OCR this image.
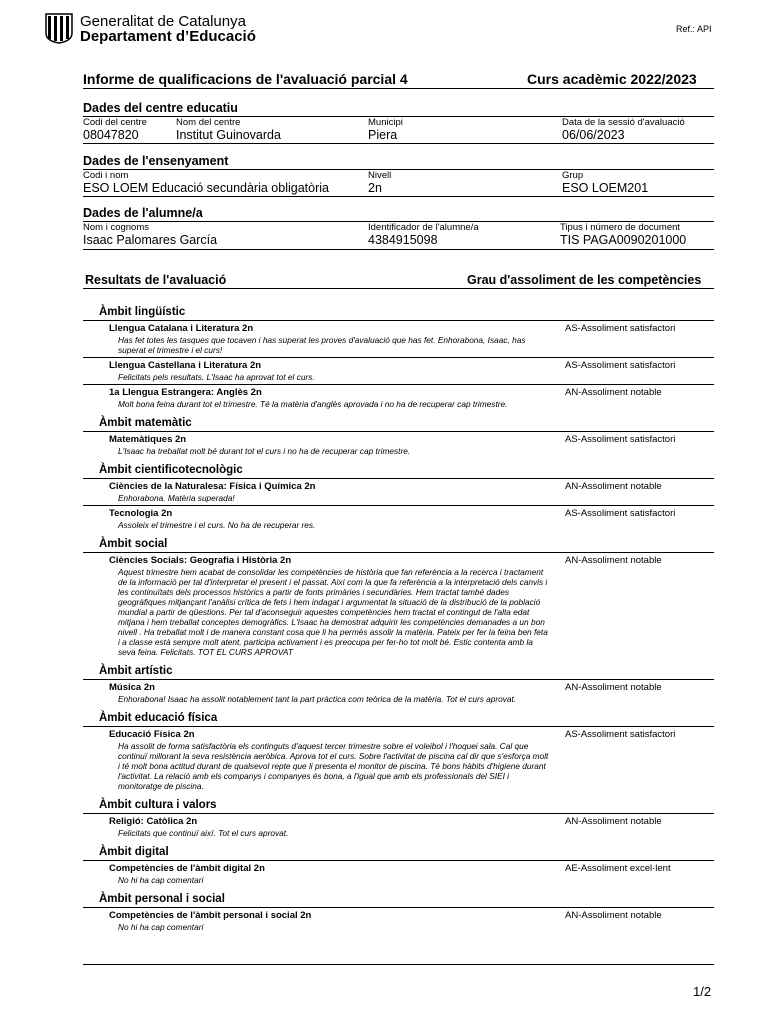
Generalitat de Catalunya
Departament d’Educació	Ref.: API
Informe de qualificacions de l'avaluació parcial 4	Curs acadèmic 2022/2023
Dades del centre educatiu
Codi del centre	Nom del centre	Municipi	Data de la sessió d'avaluació
08047820	Institut Guinovarda	Piera	06/06/2023
Dades de l'ensenyament
Codi i nom	Nivell	Grup
ESO LOEM Educació secundària obligatòria	2n	ESO LOEM201
Dades de l'alumne/a
Nom i cognoms	Identificador de l'alumne/a	Tipus i número de document
Isaac Palomares García	4384915098	TIS PAGA0090201000
Resultats de l'avaluació	Grau d'assoliment de les competències
Àmbit lingüístic
Llengua Catalana i Literatura 2n
Has fet totes les tasques que tocaven i has superat les proves d'avaluació que has fet. Enhorabona, Isaac, has superat el trimestre i el curs!
AS-Assoliment satisfactori
Llengua Castellana i Literatura 2n
Felicitats pels resultats. L'Isaac ha aprovat tot el curs.
AS-Assoliment satisfactori
1a Llengua Estrangera: Anglès 2n
Molt bona feina durant tot el trimestre. Té la matèria d'anglès aprovada i no ha de recuperar cap trimestre.
AN-Assoliment notable
Àmbit matemàtic
Matemàtiques 2n
L'Isaac ha treballat molt bé durant tot el curs i no ha de recuperar cap trimestre.
AS-Assoliment satisfactori
Àmbit cientificotecnològic
Ciències de la Naturalesa: Física i Química 2n
Enhorabona. Matèria superada!
AN-Assoliment notable
Tecnologia 2n
Assoleix el trimestre i el curs. No ha de recuperar res.
AS-Assoliment satisfactori
Àmbit social
Ciències Socials: Geografia i Història 2n
Aquest trimestre hem acabat de consolidar les competències de història que fan referència a la recerca i tractament de la informació per tal d'interpretar el present i el passat. Així com la que fa referència a la interpretació dels canvis i les continuïtats dels processos històrics a partir de fonts primàries i secundàries. Hem tractat també dades geogràfiques mitjançant l'anàlisi crítica de fets i hem indagat i argumentat la situació de la distribució de la població mundial a partir de qüestions. Per tal d'aconseguir aquestes competències hem tractat el contingut de l'alta edat mitjana i hem treballat conceptes demogràfics. L'Isaac ha demostrat adquirir les competències demanades a un bon nivell . Ha treballat molt i de manera constant cosa que li ha permès assolir la matèria. Pateix per fer la feina ben feta i a classe està sempre molt atent, participa activament i es preocupa per fer-ho tot molt bé. Estic contenta amb la seva feina. Felicitats. TOT EL CURS APROVAT
AN-Assoliment notable
Àmbit artístic
Música 2n
Enhorabona! Isaac ha assolit notablement tant la part pràctica com teòrica de la matèria. Tot el curs aprovat.
AN-Assoliment notable
Àmbit educació física
Educació Física 2n
Ha assolit de forma satisfactòria els continguts d'aquest tercer trimestre sobre el voleibol i l'hoquei sala. Cal que continuï millorant la seva resistència aeròbica. Aprova tot el curs. Sobre l'activitat de piscina cal dir que s'esforça molt i té molt bona actitud durant de qualsevol repte que li presenta el monitor de piscina. Té bons hàbits d'higiene durant l'activitat. La relació amb els companys i companyes és bona, a l'igual que amb els professionals del SIEI i monitoratge de piscina.
AS-Assoliment satisfactori
Àmbit cultura i valors
Religió: Catòlica 2n
Felicitats que continuï així. Tot el curs aprovat.
AN-Assoliment notable
Àmbit digital
Competències de l'àmbit digital 2n
No hi ha cap comentari
AE-Assoliment excel·lent
Àmbit personal i social
Competències de l'àmbit personal i social 2n
No hi ha cap comentari
AN-Assoliment notable
1/2
